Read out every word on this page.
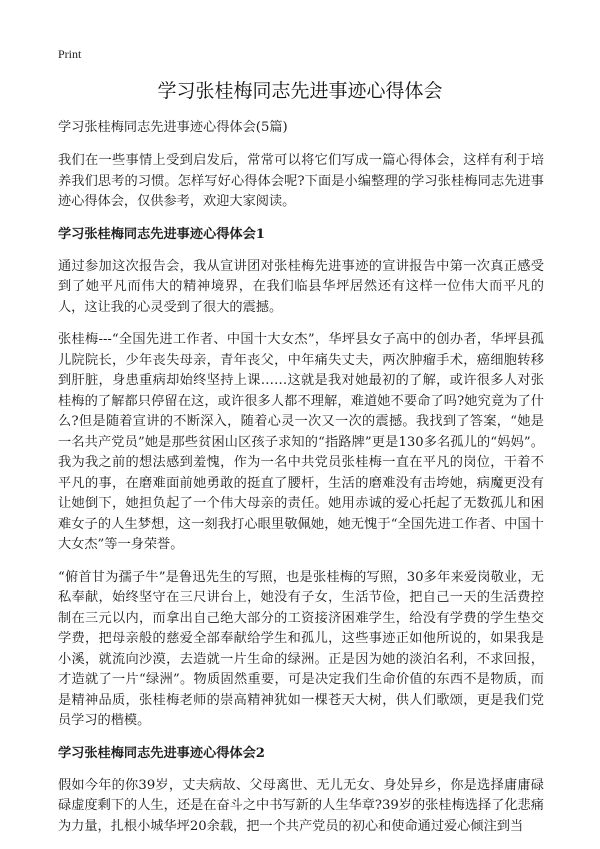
Print
学习张桂梅同志先进事迹心得体会

学习张桂梅同志先进事迹心得体会(5篇)

我们在一些事情上受到启发后，常常可以将它们写成一篇心得体会，这样有利于培养我们思考的习惯。怎样写好心得体会呢?下面是小编整理的学习张桂梅同志先进事迹心得体会，仅供参考，欢迎大家阅读。

学习张桂梅同志先进事迹心得体会1

通过参加这次报告会，我从宣讲团对张桂梅先进事迹的宣讲报告中第一次真正感受到了她平凡而伟大的精神境界，在我们临县华坪居然还有这样一位伟大而平凡的人，这让我的心灵受到了很大的震撼。

张桂梅---“全国先进工作者、中国十大女杰”，华坪县女子高中的创办者，华坪县孤儿院院长，少年丧失母亲，青年丧父，中年痛失丈夫，两次肿瘤手术，癌细胞转移到肝脏，身患重病却始终坚持上课……这就是我对她最初的了解，或许很多人对张桂梅的了解都只停留在这，或许很多人都不理解，难道她不要命了吗?她究竟为了什么?但是随着宣讲的不断深入，随着心灵一次又一次的震撼。我找到了答案，“她是一名共产党员”她是那些贫困山区孩子求知的“指路牌”更是130多名孤儿的“妈妈”。我为我之前的想法感到羞愧，作为一名中共党员张桂梅一直在平凡的岗位，干着不平凡的事，在磨难面前她勇敢的挺直了腰杆，生活的磨难没有击垮她，病魔更没有让她倒下，她担负起了一个伟大母亲的责任。她用赤诚的爱心托起了无数孤儿和困难女子的人生梦想，这一刻我打心眼里敬佩她，她无愧于“全国先进工作者、中国十大女杰”等一身荣誉。

“俯首甘为孺子牛”是鲁迅先生的写照，也是张桂梅的写照，30多年来爱岗敬业，无私奉献，始终坚守在三尺讲台上，她没有子女，生活节俭，把自己一天的生活费控制在三元以内，而拿出自己绝大部分的工资接济困难学生，给没有学费的学生垫交学费，把母亲般的慈爱全部奉献给学生和孤儿，这些事迹正如他所说的，如果我是小溪，就流向沙漠，去造就一片生命的绿洲。正是因为她的淡泊名利，不求回报，才造就了一片“绿洲”。物质固然重要，可是决定我们生命价值的东西不是物质，而是精神品质，张桂梅老师的崇高精神犹如一棵苍天大树，供人们歌颂，更是我们党员学习的楷模。

学习张桂梅同志先进事迹心得体会2

假如今年的你39岁，丈夫病故、父母离世、无儿无女、身处异乡，你是选择庸庸碌碌虚度剩下的人生，还是在奋斗之中书写新的人生华章?39岁的张桂梅选择了化悲痛为力量，扎根小城华坪20余载，把一个共产党员的初心和使命通过爱心倾注到当
